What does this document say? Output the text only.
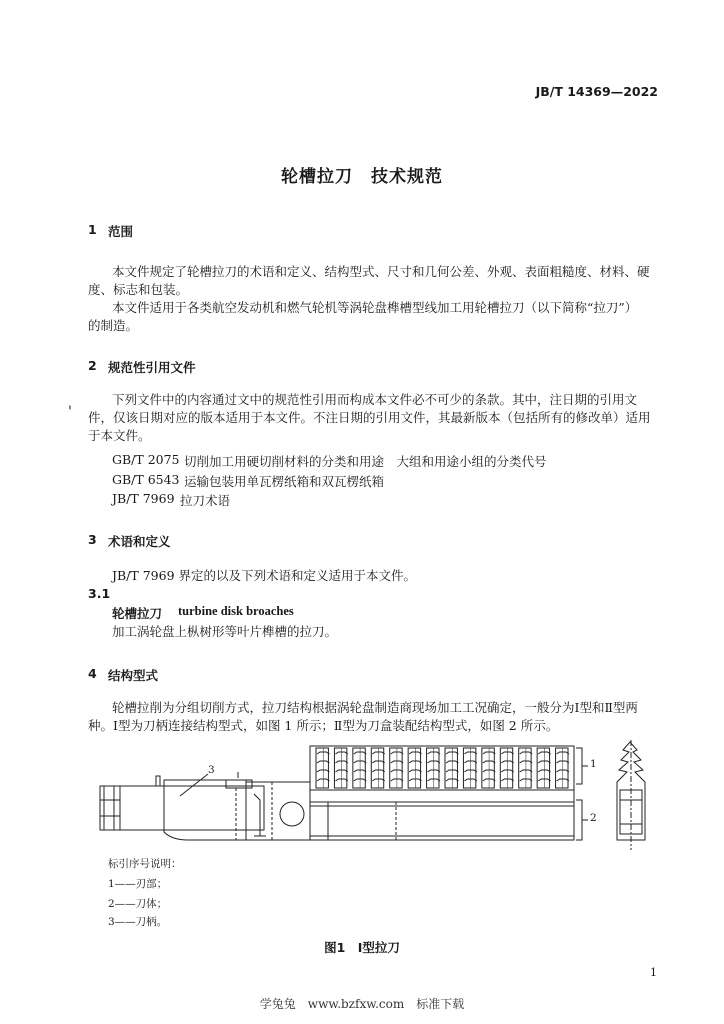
JB/T 14369—2022
轮槽拉刀　技术规范
1 范围
本文件规定了轮槽拉刀的术语和定义、结构型式、尺寸和几何公差、外观、表面粗糙度、材料、硬
度、标志和包装。
本文件适用于各类航空发动机和燃气轮机等涡轮盘榫槽型线加工用轮槽拉刀（以下简称“拉刀”）
的制造。
2 规范性引用文件
下列文件中的内容通过文中的规范性引用而构成本文件必不可少的条款。其中，注日期的引用文
' 件，仅该日期对应的版本适用于本文件。不注日期的引用文件，其最新版本（包括所有的修改单）适用
于本文件。
GB/T 2075 切削加工用硬切削材料的分类和用途　大组和用途小组的分类代号
GB/T 6543 运输包装用单瓦楞纸箱和双瓦楞纸箱
JB/T 7969 拉刀术语
3 术语和定义
JB/T 7969 界定的以及下列术语和定义适用于本文件。
3.1
轮槽拉刀 turbine disk broaches
加工涡轮盘上枞树形等叶片榫槽的拉刀。
4 结构型式
轮槽拉削为分组切削方式，拉刀结构根据涡轮盘制造商现场加工工况确定，一般分为Ⅰ型和Ⅱ型两
种。Ⅰ型为刀柄连接结构型式，如图 1 所示；Ⅱ型为刀盒装配结构型式，如图 2 所示。
3	1
2
标引序号说明：
1——刃部；
2——刀体；
3——刀柄。
图1　Ⅰ型拉刀
1
学兔兔　www.bzfxw.com　标准下载
